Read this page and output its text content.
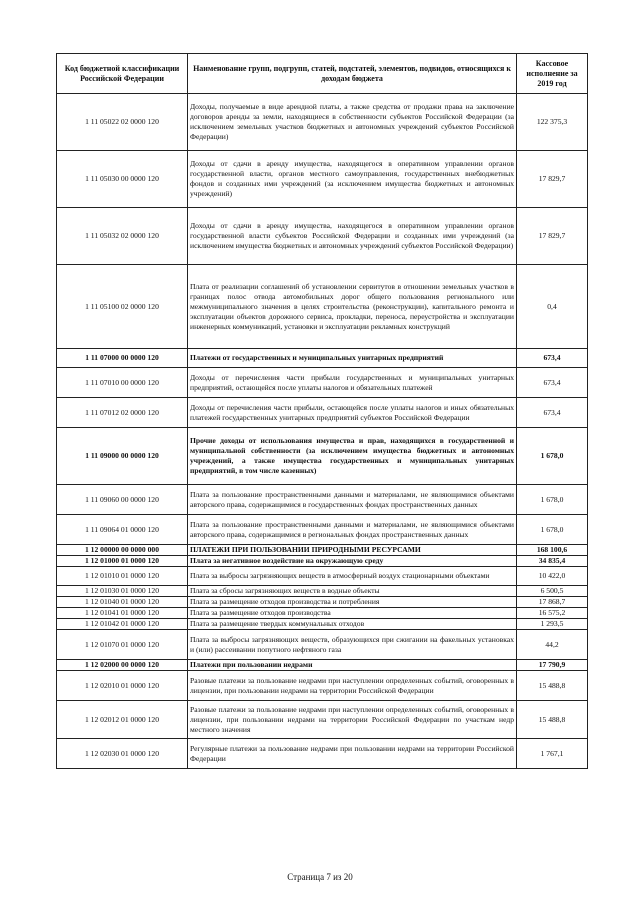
Код бюджетной классификации Российской Федерации	Наименование групп, подгрупп, статей, подстатей, элементов, подвидов, относящихся к доходам бюджета	Кассовое исполнение за 2019 год
1 11 05022 02 0000 120	Доходы, получаемые в виде арендной платы, а также средства от продажи права на заключение договоров аренды за земли, находящиеся в собственности субъектов Российской Федерации (за исключением земельных участков бюджетных и автономных учреждений субъектов Российской Федерации)	122 375,3
1 11 05030 00 0000 120	Доходы от сдачи в аренду имущества, находящегося в оперативном управлении органов государственной власти, органов местного самоуправления, государственных внебюджетных фондов и созданных ими учреждений (за исключением имущества бюджетных и автономных учреждений)	17 829,7
1 11 05032 02 0000 120	Доходы от сдачи в аренду имущества, находящегося в оперативном управлении органов государственной власти субъектов Российской Федерации и созданных ими учреждений (за исключением имущества бюджетных и автономных учреждений субъектов Российской Федерации)	17 829,7
1 11 05100 02 0000 120	Плата от реализации соглашений об установлении сервитутов в отношении земельных участков в границах полос отвода автомобильных дорог общего пользования регионального или межмуниципального значения в целях строительства (реконструкции), капитального ремонта и эксплуатации объектов дорожного сервиса, прокладки, переноса, переустройства и эксплуатации инженерных коммуникаций, установки и эксплуатации рекламных конструкций	0,4
1 11 07000 00 0000 120	Платежи от государственных и муниципальных унитарных предприятий	673,4
1 11 07010 00 0000 120	Доходы от перечисления части прибыли государственных и муниципальных унитарных предприятий, остающейся после уплаты налогов и обязательных платежей	673,4
1 11 07012 02 0000 120	Доходы от перечисления части прибыли, остающейся после уплаты налогов и иных обязательных платежей государственных унитарных предприятий субъектов Российской Федерации	673,4
1 11 09000 00 0000 120	Прочие доходы от использования имущества и прав, находящихся в государственной и муниципальной собственности (за исключением имущества бюджетных и автономных учреждений, а также имущества государственных и муниципальных унитарных предприятий, в том числе казенных)	1 678,0
1 11 09060 00 0000 120	Плата за пользование пространственными данными и материалами, не являющимися объектами авторского права, содержащимися в государственных фондах пространственных данных	1 678,0
1 11 09064 01 0000 120	Плата за пользование пространственными данными и материалами, не являющимися объектами авторского права, содержащимися в региональных фондах пространственных данных	1 678,0
1 12 00000 00 0000 000	ПЛАТЕЖИ ПРИ ПОЛЬЗОВАНИИ ПРИРОДНЫМИ РЕСУРСАМИ	168 100,6
1 12 01000 01 0000 120	Плата за негативное воздействие на окружающую среду	34 835,4
1 12 01010 01 0000 120	Плата за выбросы загрязняющих веществ в атмосферный воздух стационарными объектами	10 422,0
1 12 01030 01 0000 120	Плата за сбросы загрязняющих веществ в водные объекты	6 500,5
1 12 01040 01 0000 120	Плата за размещение отходов производства и потребления	17 868,7
1 12 01041 01 0000 120	Плата за размещение отходов производства	16 575,2
1 12 01042 01 0000 120	Плата за размещение твердых коммунальных отходов	1 293,5
1 12 01070 01 0000 120	Плата за выбросы загрязняющих веществ, образующихся при сжигании на факельных установках и (или) рассеивании попутного нефтяного газа	44,2
1 12 02000 00 0000 120	Платежи при пользовании недрами	17 790,9
1 12 02010 01 0000 120	Разовые платежи за пользование недрами при наступлении определенных событий, оговоренных в лицензии, при пользовании недрами на территории Российской Федерации	15 488,8
1 12 02012 01 0000 120	Разовые платежи за пользование недрами при наступлении определенных событий, оговоренных в лицензии, при пользовании недрами на территории Российской Федерации по участкам недр местного значения	15 488,8
1 12 02030 01 0000 120	Регулярные платежи за пользование недрами при пользовании недрами на территории Российской Федерации	1 767,1
Страница 7 из 20
